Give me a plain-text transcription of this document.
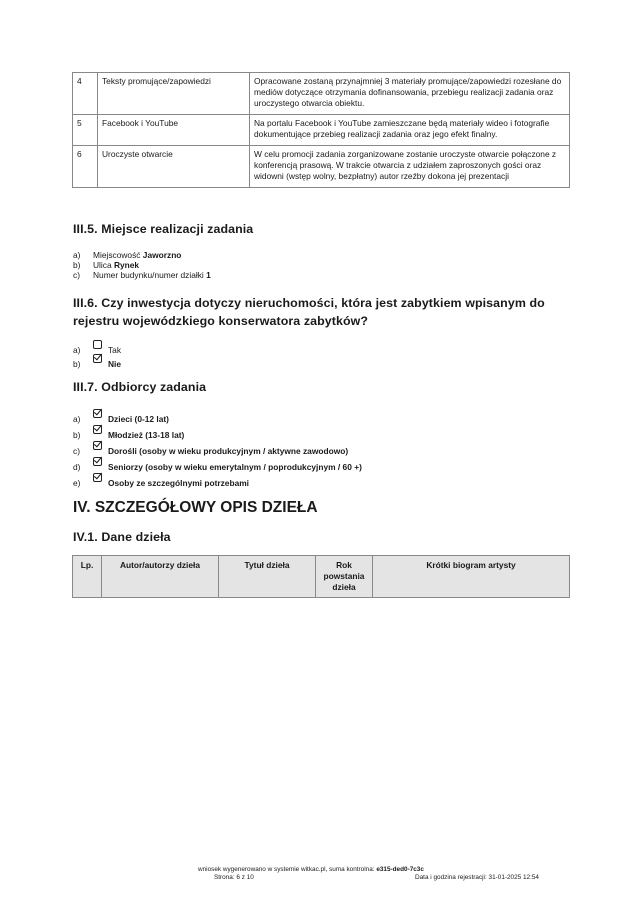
4	Teksty promujące/zapowiedzi	Opracowane zostaną przynajmniej 3 materiały promujące/zapowiedzi rozesłane do mediów dotyczące otrzymania dofinansowania, przebiegu realizacji zadania oraz uroczystego otwarcia obiektu.
5	Facebook i YouTube	Na portalu Facebook i YouTube zamieszczane będą materiały wideo i fotografie dokumentujące przebieg realizacji zadania oraz jego efekt finalny.
6	Uroczyste otwarcie	W celu promocji zadania zorganizowane zostanie uroczyste otwarcie połączone z konferencją prasową. W trakcie otwarcia z udziałem zaproszonych gości oraz widowni (wstęp wolny, bezpłatny) autor rzeźby dokona jej prezentacji
III.5. Miejsce realizacji zadania
a)	Miejscowość Jaworzno
b)	Ulica Rynek
c)	Numer budynku/numer działki 1
III.6. Czy inwestycja dotyczy nieruchomości, która jest zabytkiem wpisanym do rejestru wojewódzkiego konserwatora zabytków?
a)	Tak
b)	Nie
III.7. Odbiorcy zadania
a)	Dzieci (0-12 lat)
b)	Młodzież (13-18 lat)
c)	Dorośli (osoby w wieku produkcyjnym / aktywne zawodowo)
d)	Seniorzy (osoby w wieku emerytalnym / poprodukcyjnym / 60 +)
e)	Osoby ze szczególnymi potrzebami
IV. SZCZEGÓŁOWY OPIS DZIEŁA
IV.1. Dane dzieła
Lp.	Autor/autorzy dzieła	Tytuł dzieła	Rok powstania dzieła	Krótki biogram artysty
wniosek wygenerowano w systemie witkac.pl, suma kontrolna: e315-ded0-7c3c
Strona: 6 z 10	Data i godzina rejestracji: 31-01-2025 12:54
